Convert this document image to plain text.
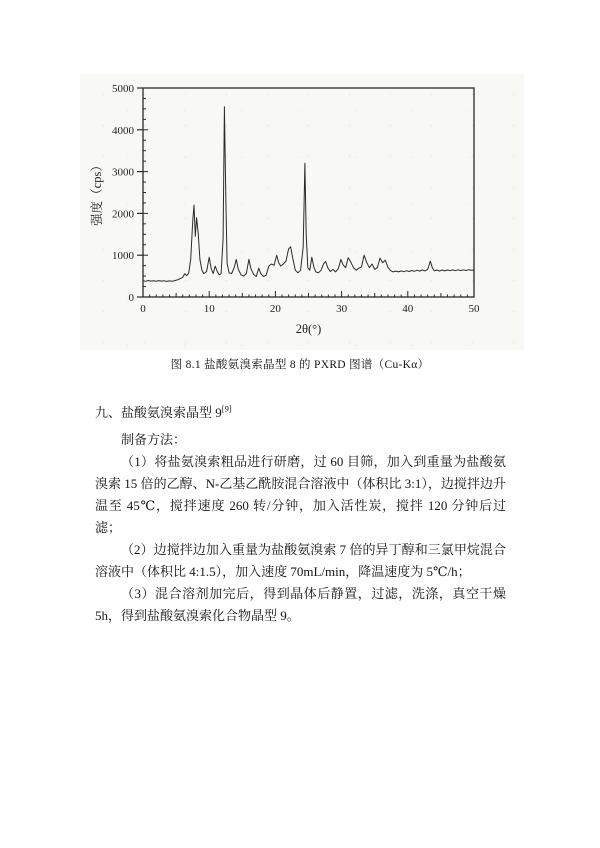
0	10	20	30	40	50
0
1000
2000
3000
4000
5000
2θ(°)
强度（cps）
图 8.1 盐酸氨溴索晶型 8 的 PXRD 图谱（Cu-Kα）

九、盐酸氨溴索晶型 9[9]

制备方法：

（1）将盐氨溴索粗品进行研磨，过 60 目筛，加入到重量为盐酸氨溴索 15 倍的乙醇、N-乙基乙酰胺混合溶液中（体积比 3:1），边搅拌边升温至 45℃，搅拌速度 260 转/分钟，加入活性炭，搅拌 120 分钟后过滤；

（2）边搅拌边加入重量为盐酸氨溴索 7 倍的异丁醇和三氯甲烷混合溶液中（体积比 4:1.5），加入速度 70mL/min，降温速度为 5℃/h；

（3）混合溶剂加完后，得到晶体后静置，过滤，洗涤，真空干燥 5h，得到盐酸氨溴索化合物晶型 9。
